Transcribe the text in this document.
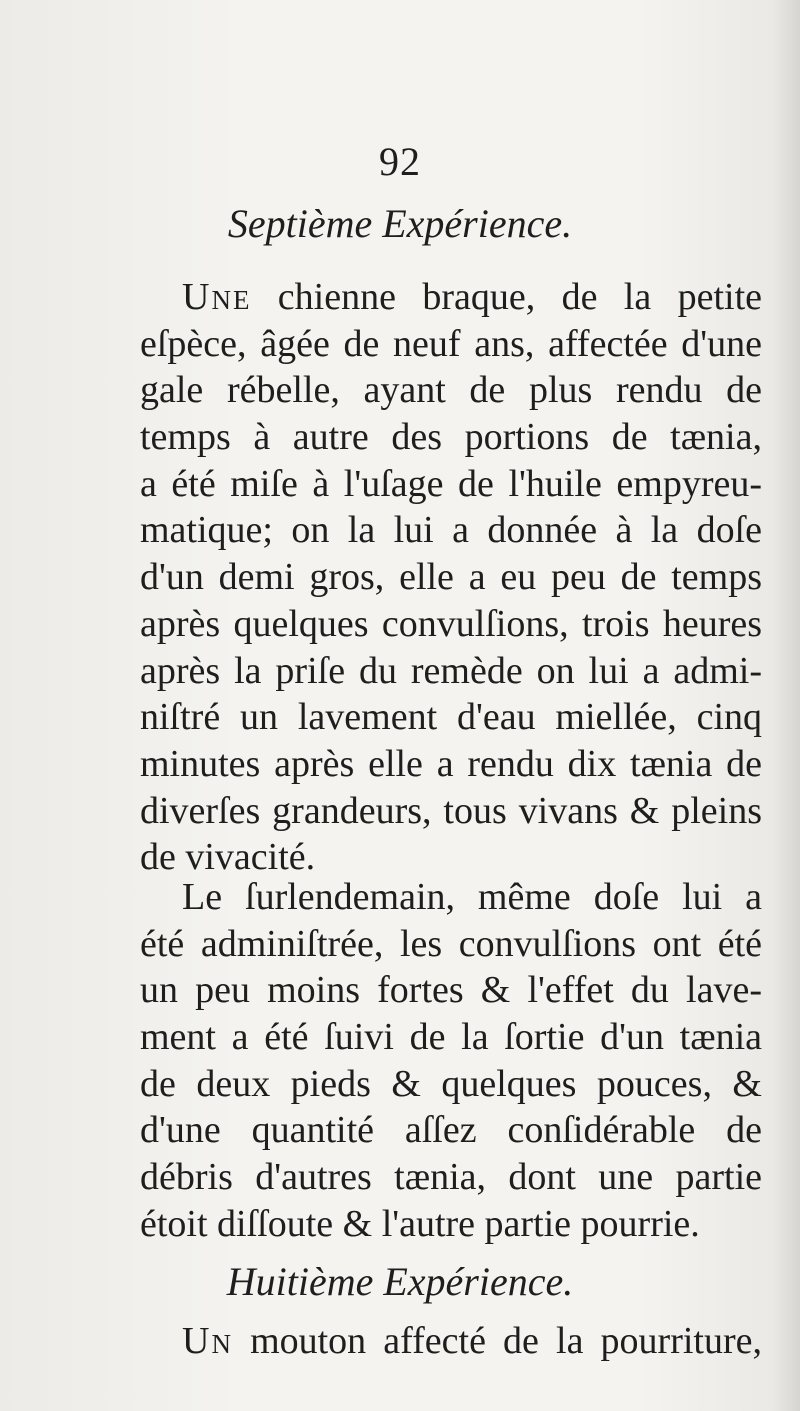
92
Septième Expérience.
Une chienne braque, de la petite
eſpèce, âgée de neuf ans, affectée d'une
gale rébelle, ayant de plus rendu de
temps à autre des portions de tænia,
a été miſe à l'uſage de l'huile empyreu-
matique; on la lui a donnée à la doſe
d'un demi gros, elle a eu peu de temps
après quelques convulſions, trois heures
après la priſe du remède on lui a admi-
niſtré un lavement d'eau miellée, cinq
minutes après elle a rendu dix tænia de
diverſes grandeurs, tous vivans & pleins
de vivacité.
Le ſurlendemain, même doſe lui a
été adminiſtrée, les convulſions ont été
un peu moins fortes & l'effet du lave-
ment a été ſuivi de la ſortie d'un tænia
de deux pieds & quelques pouces, &
d'une quantité aſſez conſidérable de
débris d'autres tænia, dont une partie
étoit diſſoute & l'autre partie pourrie.
Huitième Expérience.
Un mouton affecté de la pourriture,
